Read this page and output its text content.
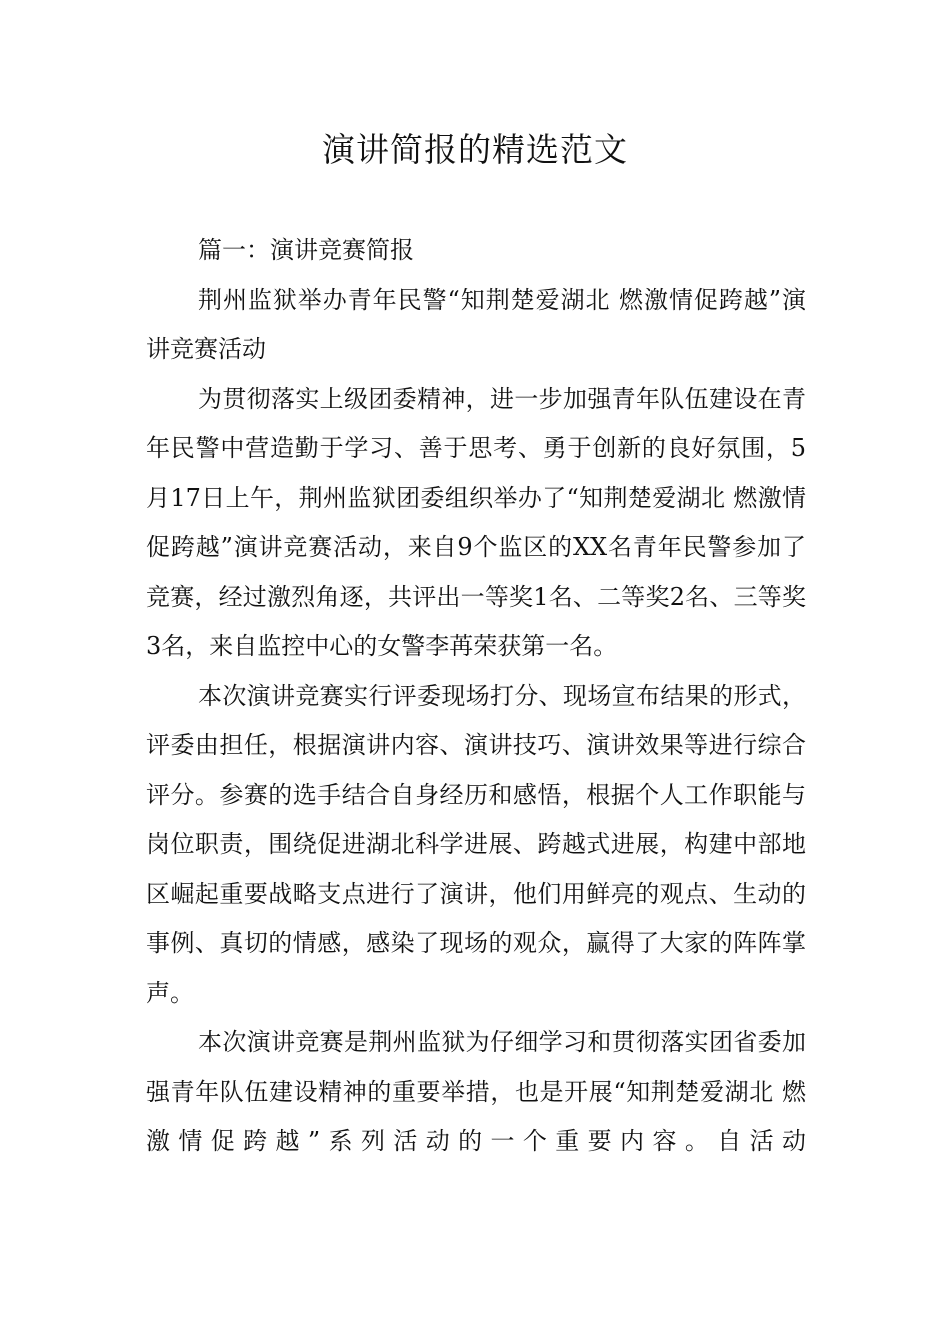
演讲简报的精选范文

篇一：演讲竞赛简报

荆州监狱举办青年民警“知荆楚爱湖北 燃激情促跨越”演讲竞赛活动

为贯彻落实上级团委精神，进一步加强青年队伍建设在青年民警中营造勤于学习、善于思考、勇于创新的良好氛围，5月17日上午，荆州监狱团委组织举办了“知荆楚爱湖北 燃激情促跨越”演讲竞赛活动，来自9个监区的XX名青年民警参加了竞赛，经过激烈角逐，共评出一等奖1名、二等奖2名、三等奖3名，来自监控中心的女警李苒荣获第一名。

本次演讲竞赛实行评委现场打分、现场宣布结果的形式，评委由担任，根据演讲内容、演讲技巧、演讲效果等进行综合评分。参赛的选手结合自身经历和感悟，根据个人工作职能与岗位职责，围绕促进湖北科学进展、跨越式进展，构建中部地区崛起重要战略支点进行了演讲，他们用鲜亮的观点、生动的事例、真切的情感，感染了现场的观众，赢得了大家的阵阵掌声。

本次演讲竞赛是荆州监狱为仔细学习和贯彻落实团省委加强青年队伍建设精神的重要举措，也是开展“知荆楚爱湖北 燃激情促跨越”系列活动的一个重要内容。自活动
